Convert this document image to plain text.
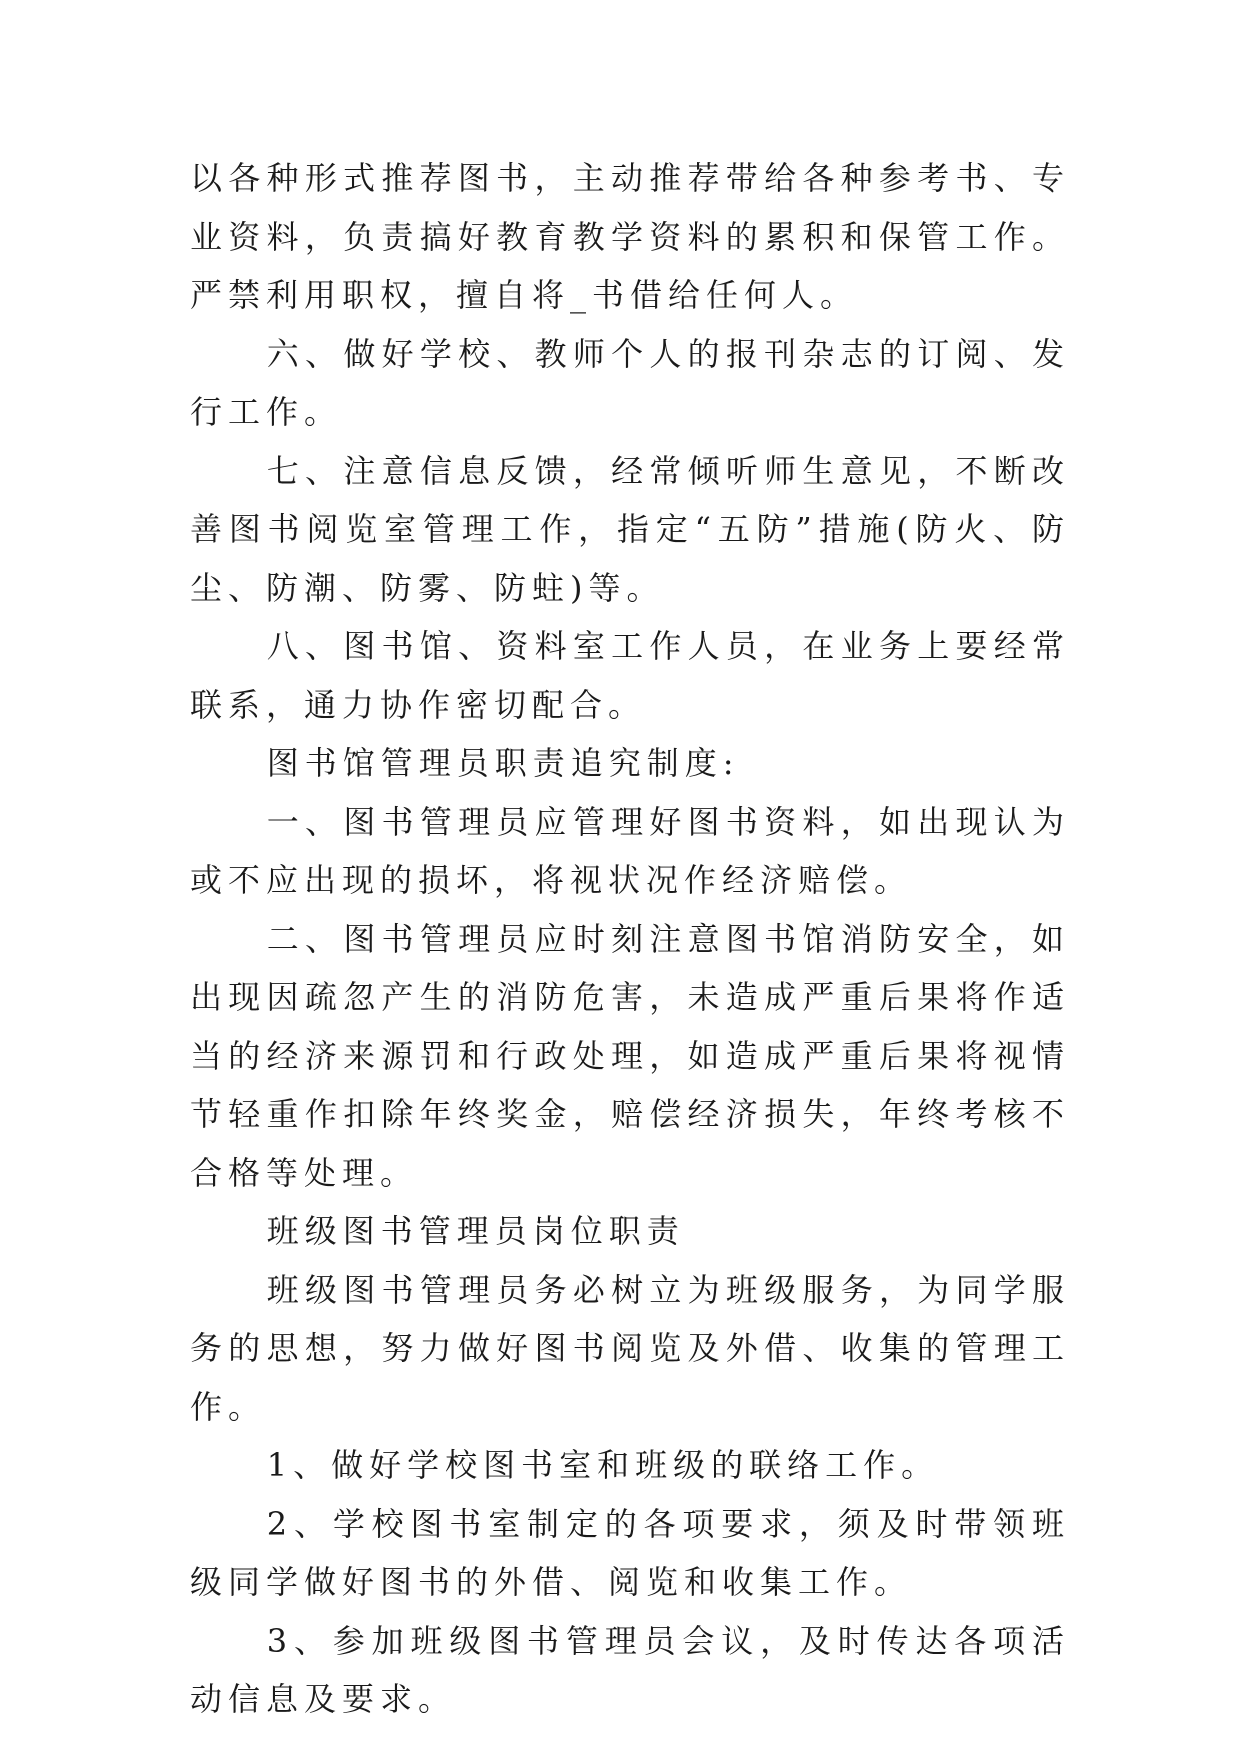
以各种形式推荐图书，主动推荐带给各种参考书、专业资料，负责搞好教育教学资料的累积和保管工作。严禁利用职权，擅自将_书借给任何人。

六、做好学校、教师个人的报刊杂志的订阅、发行工作。

七、注意信息反馈，经常倾听师生意见，不断改善图书阅览室管理工作，指定“五防”措施(防火、防尘、防潮、防雾、防蛀)等。

八、图书馆、资料室工作人员，在业务上要经常联系，通力协作密切配合。

图书馆管理员职责追究制度:

一、图书管理员应管理好图书资料，如出现认为或不应出现的损坏，将视状况作经济赔偿。

二、图书管理员应时刻注意图书馆消防安全，如出现因疏忽产生的消防危害，未造成严重后果将作适当的经济来源罚和行政处理，如造成严重后果将视情节轻重作扣除年终奖金，赔偿经济损失，年终考核不合格等处理。

班级图书管理员岗位职责

班级图书管理员务必树立为班级服务，为同学服务的思想，努力做好图书阅览及外借、收集的管理工作。

1、做好学校图书室和班级的联络工作。

2、学校图书室制定的各项要求，须及时带领班级同学做好图书的外借、阅览和收集工作。

3、参加班级图书管理员会议，及时传达各项活动信息及要求。
